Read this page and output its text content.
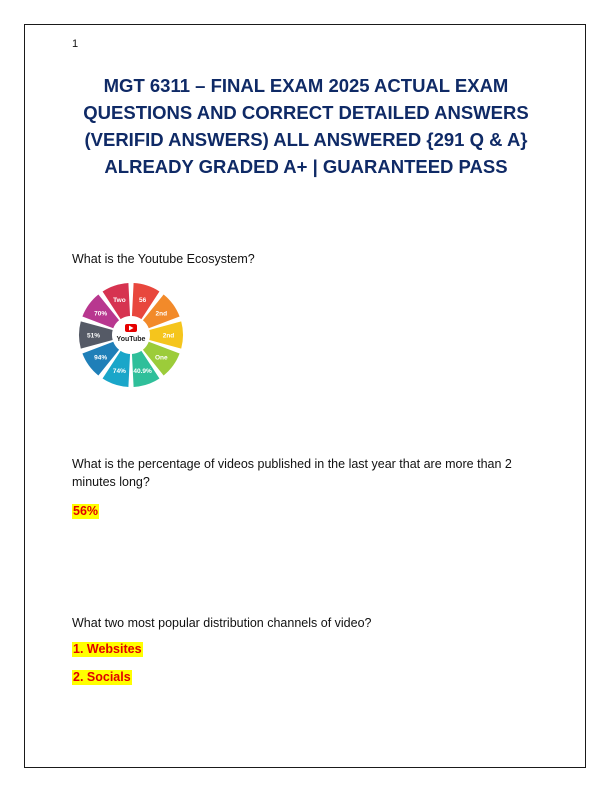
1
MGT 6311 – FINAL EXAM 2025 ACTUAL EXAM QUESTIONS AND CORRECT DETAILED ANSWERS (VERIFID ANSWERS) ALL ANSWERED {291 Q & A} ALREADY GRADED A+ | GUARANTEED PASS
What is the Youtube Ecosystem?
YouTube
56
2nd
2nd
One
40.9%
74%
94%
51%
70%
Two
What is the percentage of videos published in the last year that are more than 2 minutes long?
56%
What two most popular distribution channels of video?
1. Websites
2. Socials
